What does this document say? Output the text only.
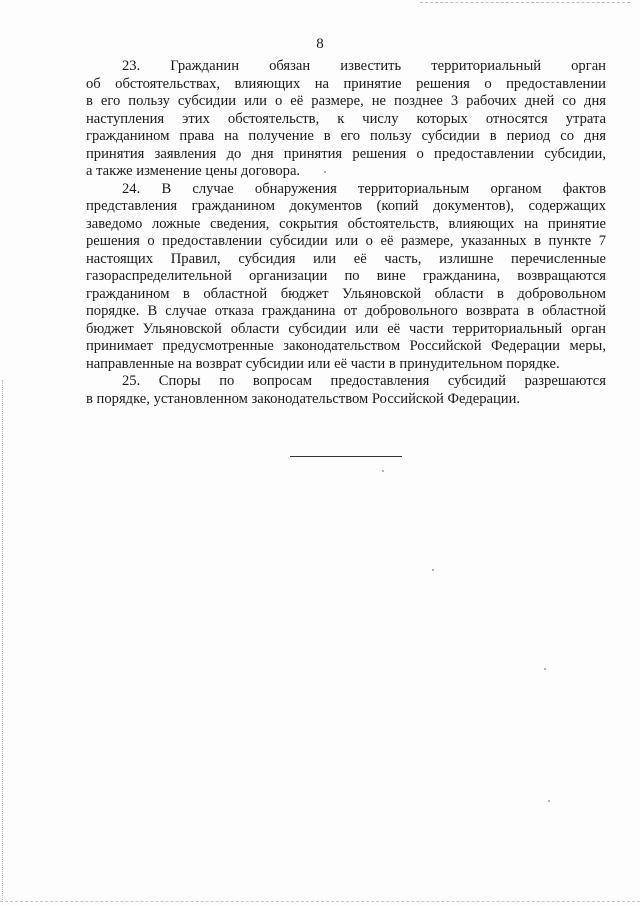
8

23. Гражданин обязан известить территориальный орган
об обстоятельствах, влияющих на принятие решения о предоставлении
в его пользу субсидии или о её размере, не позднее 3 рабочих дней со дня
наступления этих обстоятельств, к числу которых относятся утрата
гражданином права на получение в его пользу субсидии в период со дня
принятия заявления до дня принятия решения о предоставлении субсидии,
а также изменение цены договора.

24. В случае обнаружения территориальным органом фактов
представления гражданином документов (копий документов), содержащих
заведомо ложные сведения, сокрытия обстоятельств, влияющих на принятие
решения о предоставлении субсидии или о её размере, указанных в пункте 7
настоящих Правил, субсидия или её часть, излишне перечисленные
газораспределительной организации по вине гражданина, возвращаются
гражданином в областной бюджет Ульяновской области в добровольном
порядке. В случае отказа гражданина от добровольного возврата в областной
бюджет Ульяновской области субсидии или её части территориальный орган
принимает предусмотренные законодательством Российской Федерации меры,
направленные на возврат субсидии или её части в принудительном порядке.

25. Споры по вопросам предоставления субсидий разрешаются
в порядке, установленном законодательством Российской Федерации.
